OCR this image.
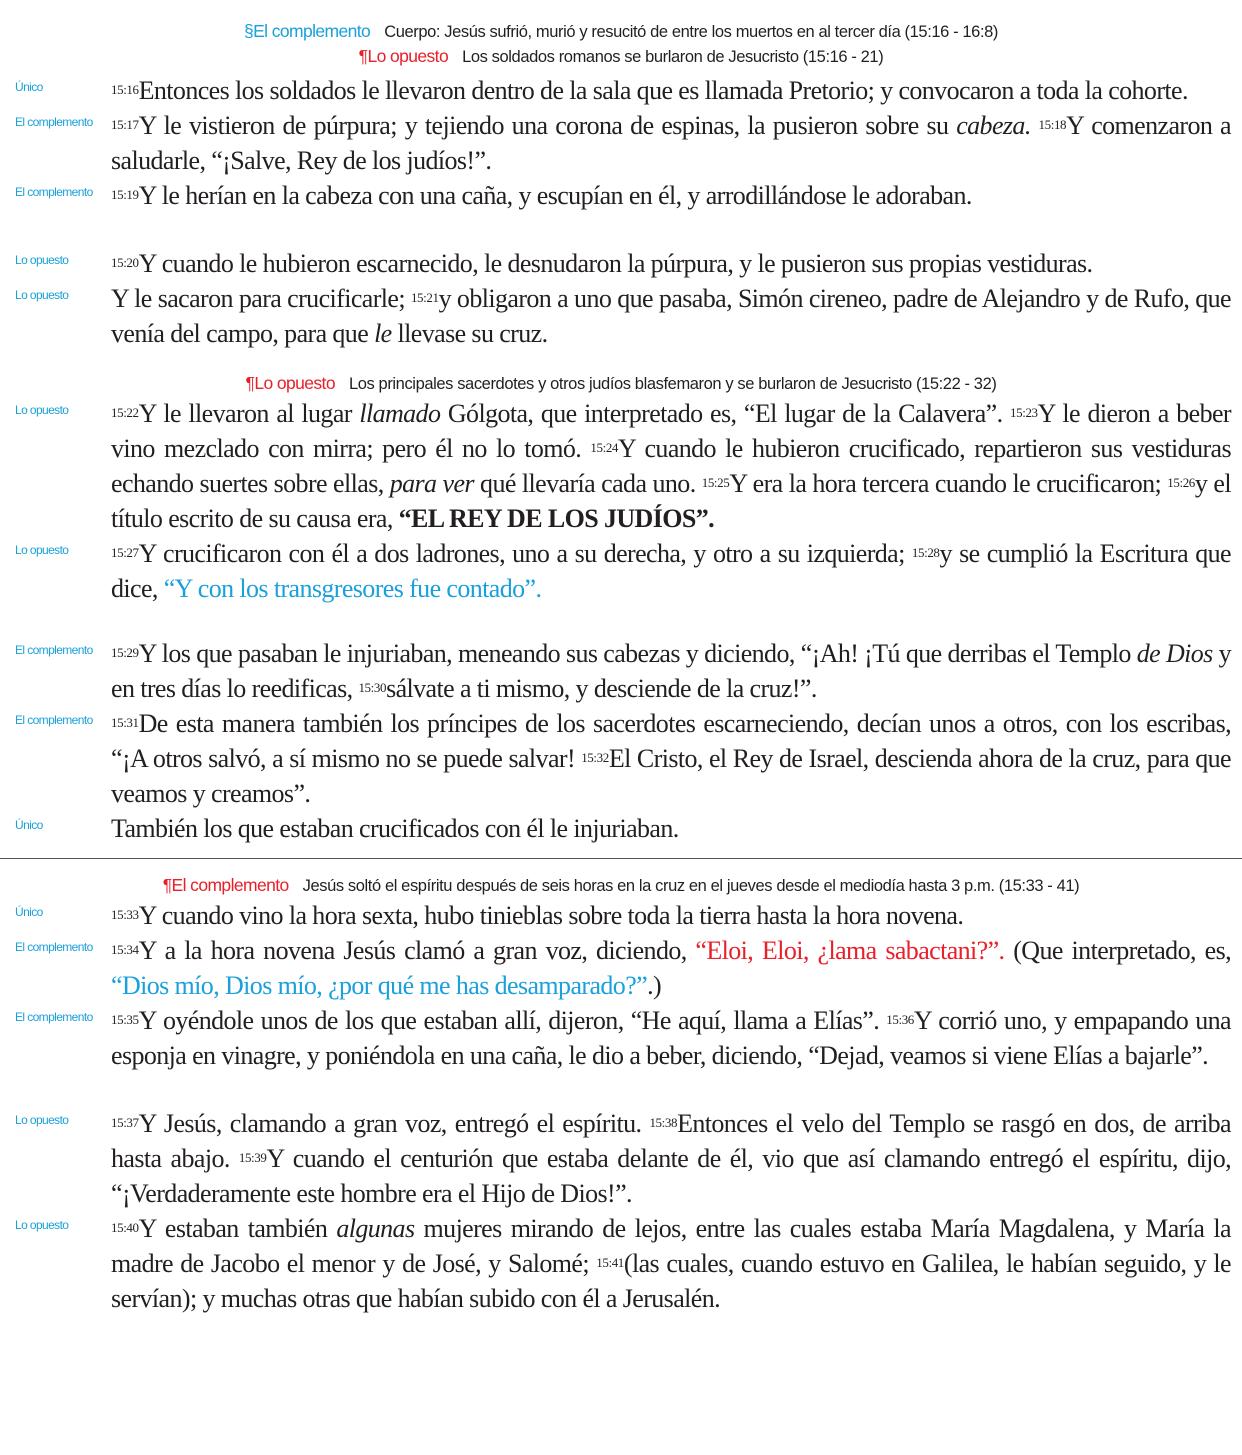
§El complemento Cuerpo: Jesús sufrió, murió y resucitó de entre los muertos en al tercer día (15:16 - 16:8)
¶Lo opuesto Los soldados romanos se burlaron de Jesucristo (15:16 - 21)
Único	$^{15:16}$Entonces los soldados le llevaron dentro de la sala que es llamada Pretorio; y convocaron a toda la cohorte.
El complemento $^{15:17}$Y le vistieron de púrpura; y tejiendo una corona de espinas, la pusieron sobre su cabeza. $^{15:18}$Y comenzaron a saludarle, “¡Salve, Rey de los judíos!”.
El complemento $^{15:19}$Y le herían en la cabeza con una caña, y escupían en él, y arrodillándose le adoraban.
Lo opuesto	$^{15:20}$Y cuando le hubieron escarnecido, le desnudaron la púrpura, y le pusieron sus propias vestiduras.
Lo opuesto Y le sacaron para crucificarle; $^{15:21}$y obligaron a uno que pasaba, Simón cireneo, padre de Alejandro y de Rufo, que venía del campo, para que le llevase su cruz.
¶Lo opuesto Los principales sacerdotes y otros judíos blasfemaron y se burlaron de Jesucristo (15:22 - 32)
Lo opuesto	$^{15:22}$Y le llevaron al lugar llamado Gólgota, que interpretado es, “El lugar de la Calavera”. $^{15:23}$Y le dieron a beber vino mezclado con mirra; pero él no lo tomó. $^{15:24}$Y cuando le hubieron crucificado, repartieron sus vestiduras echando suertes sobre ellas, para ver qué llevaría cada uno. $^{15:25}$Y era la hora tercera cuando le crucificaron; $^{15:26}$y el título escrito de su causa era, “EL REY DE LOS JUDÍOS”.
Lo opuesto	$^{15:27}$Y crucificaron con él a dos ladrones, uno a su derecha, y otro a su izquierda; $^{15:28}$y se cumplió la Escritura que dice, “Y con los transgresores fue contado”.
El complemento $^{15:29}$Y los que pasaban le injuriaban, meneando sus cabezas y diciendo, “¡Ah! ¡Tú que derribas el Templo de Dios y en tres días lo reedificas, $^{15:30}$sálvate a ti mismo, y desciende de la cruz!”.
El complemento $^{15:31}$De esta manera también los príncipes de los sacerdotes escarneciendo, decían unos a otros, con los escribas, “¡A otros salvó, a sí mismo no se puede salvar! $^{15:32}$El Cristo, el Rey de Israel, descienda ahora de la cruz, para que veamos y creamos”.
Único	También los que estaban crucificados con él le injuriaban.
¶El complemento Jesús soltó el espíritu después de seis horas en la cruz en el jueves desde el mediodía hasta 3 p.m. (15:33 - 41)
Único	$^{15:33}$Y cuando vino la hora sexta, hubo tinieblas sobre toda la tierra hasta la hora novena.
El complemento $^{15:34}$Y a la hora novena Jesús clamó a gran voz, diciendo, “Eloi, Eloi, ¿lama sabactani?”. (Que interpretado, es, “Dios mío, Dios mío, ¿por qué me has desamparado?”.)
El complemento $^{15:35}$Y oyéndole unos de los que estaban allí, dijeron, “He aquí, llama a Elías”. $^{15:36}$Y corrió uno, y empapando una esponja en vinagre, y poniéndola en una caña, le dio a beber, diciendo, “Dejad, veamos si viene Elías a bajarle”.
Lo opuesto	$^{15:37}$Y Jesús, clamando a gran voz, entregó el espíritu. $^{15:38}$Entonces el velo del Templo se rasgó en dos, de arriba hasta abajo. $^{15:39}$Y cuando el centurión que estaba delante de él, vio que así clamando entregó el espíritu, dijo, “¡Verdaderamente este hombre era el Hijo de Dios!”.
Lo opuesto	$^{15:40}$Y estaban también algunas mujeres mirando de lejos, entre las cuales estaba María Magdalena, y María la madre de Jacobo el menor y de José, y Salomé; $^{15:41}$(las cuales, cuando estuvo en Galilea, le habían seguido, y le servían); y muchas otras que habían subido con él a Jerusalén.
